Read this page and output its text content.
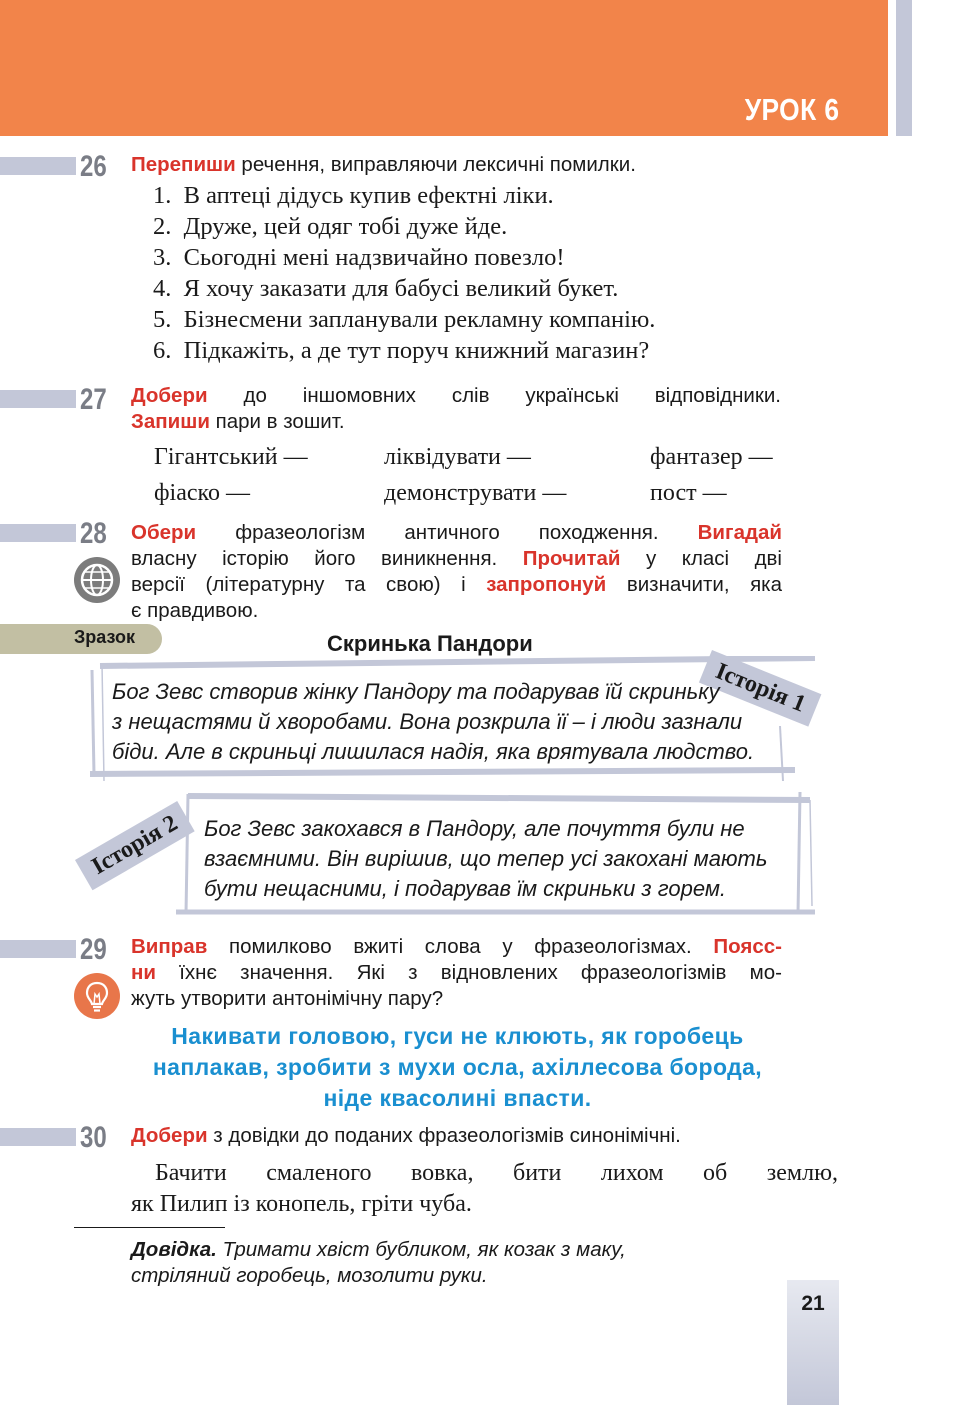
УРОК 6
26 Перепиши речення, виправляючи лексичні помилки.
1.  В аптеці дідусь купив ефектні ліки.
2.  Друже, цей одяг тобі дуже йде.
3.  Сьогодні мені надзвичайно повезло!
4.  Я хочу заказати для бабусі великий букет.
5.  Бізнесмени запланували рекламну компанію.
6.  Підкажіть, а де тут поруч книжний магазин?
27 Добери до іншомовних слів українські відповідники.
Запиши пари в зошит.
Гігантський —	ліквідувати —	фантазер —
фіаско —	демонструвати —	пост —
28 Обери фразеологізм античного походження. Вигадай
власну історію його виникнення. Прочитай у класі дві
версії (літературну та свою) і запропонуй визначити, яка
є правдивою.
Зразок	Скринька Пандори
Історія 1
Бог Зевс створив жінку Пандору та подарував їй скриньку
з нещастями й хворобами. Вона розкрила її – і люди зазнали
біди. Але в скриньці лишилася надія, яка врятувала людство.
Історія 2 Бог Зевс закохався в Пандору, але почуття були не
взаємними. Він вирішив, що тепер усі закохані мають
бути нещасними, і подарував їм скриньки з горем.
29 Виправ помилково вжиті слова у фразеологізмах. Поясс-
ни їхнє значення. Які з відновлених фразеологізмів мо-
жуть утворити антонімічну пару?
Накивати головою, гуси не клюють, як горобець
наплакав, зробити з мухи осла, ахіллесова борода,
ніде квасолині впасти.
30 Добери з довідки до поданих фразеологізмів синонімічні.
Бачити смаленого вовка, бити лихом об землю,
як Пилип із конопель, гріти чуба.
Довідка. Тримати хвіст бубликом, як козак з маку,
стріляний горобець, мозолити руки.
21
